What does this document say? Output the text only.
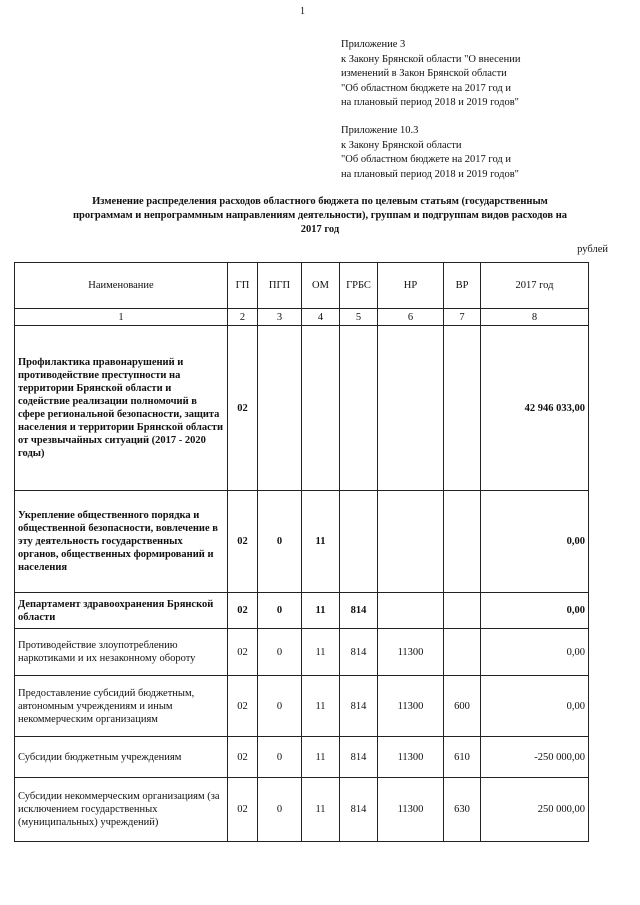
1
Приложение 3
к Закону Брянской области "О внесении
изменений в Закон Брянской области
"Об областном бюджете на 2017 год и
на плановый период 2018 и 2019 годов"
Приложение 10.3
к Закону Брянской области
"Об областном бюджете на 2017 год и
на плановый период 2018 и 2019 годов"
Изменение распределения расходов областного бюджета по целевым статьям (государственным
программам и непрограммным направлениям деятельности), группам и подгруппам видов расходов на
2017 год
рублей
Наименование	ГП	ПГП	ОМ	ГРБС	НР	ВР	2017 год
1	2	3	4	5	6	7	8
Профилактика правонарушений и противодействие преступности на территории Брянской области и содействие реализации полномочий в сфере региональной безопасности, защита населения и территории Брянской области от чрезвычайных ситуаций (2017 - 2020 годы)	02						42 946 033,00
Укрепление общественного порядка и общественной безопасности, вовлечение в эту деятельность государственных органов, общественных формирований и населения	02	0	11				0,00
Департамент здравоохранения Брянской области	02	0	11	814			0,00
Противодействие злоупотреблению наркотиками и их незаконному обороту	02	0	11	814	11300		0,00
Предоставление субсидий бюджетным, автономным учреждениям и иным некоммерческим организациям	02	0	11	814	11300	600	0,00
Субсидии бюджетным учреждениям	02	0	11	814	11300	610	-250 000,00
Субсидии некоммерческим организациям (за исключением государственных (муниципальных) учреждений)	02	0	11	814	11300	630	250 000,00
